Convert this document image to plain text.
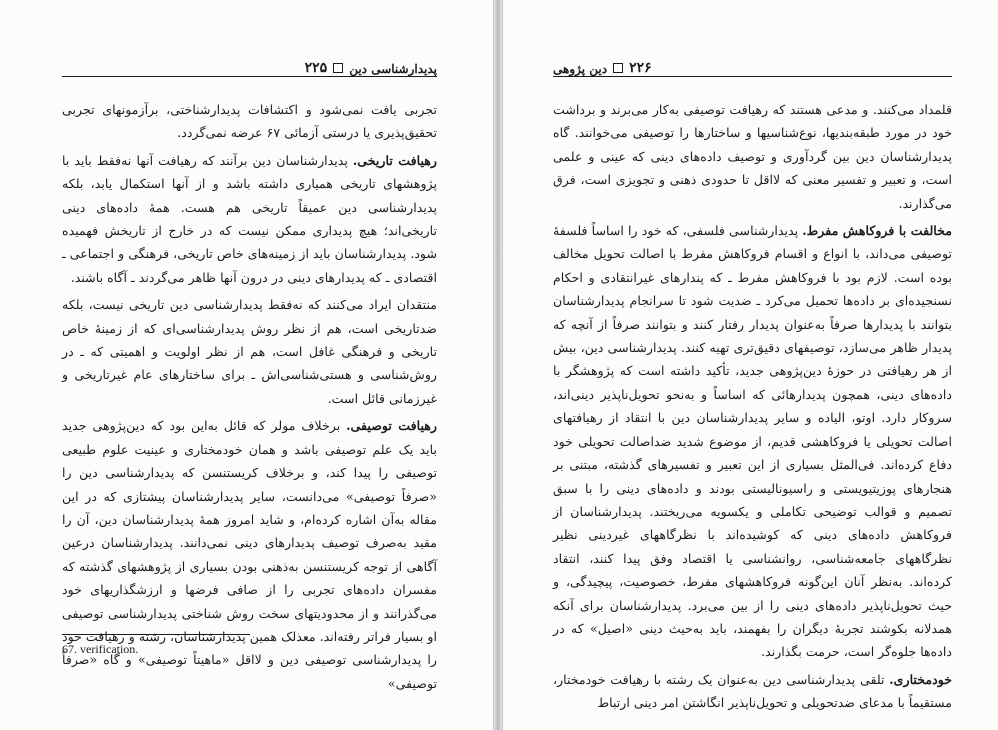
۲۲۵ پدیدارشناسی دین

تجربی یافت نمی‌شود و اکتشافات پدیدارشناختی، برآزمونهای تجربی تحقیق‌پذیری یا درستی آزمائی ۶۷ عرضه نمی‌گردد.

رهیافت تاریخی. پدیدارشناسان دین برآنند که رهیافت آنها نه‌فقط باید با پژوهشهای تاریخی همیاری داشته باشد و از آنها استکمال یابد، بلکه پدیدارشناسی دین عمیقاً تاریخی هم هست. همهٔ داده‌های دینی تاریخی‌اند؛ هیچ پدیداری ممکن نیست که در خارج از تاریخش فهمیده شود. پدیدارشناسان باید از زمینه‌های خاص تاریخی، فرهنگی و اجتماعی ـ اقتصادی ـ که پدیدارهای دینی در درون آنها ظاهر می‌گردند ـ آگاه باشند.

منتقدان ایراد می‌کنند که نه‌فقط پدیدارشناسی دین تاریخی نیست، بلکه ضدتاریخی است، هم از نظر روش پدیدارشناسی‌ای که از زمینهٔ خاص تاریخی و فرهنگی غافل است، هم از نظر اولویت و اهمیتی که ـ در روش‌شناسی و هستی‌شناسی‌اش ـ برای ساختارهای عام غیرتاریخی و غیرزمانی قائل است.

رهیافت توصیفی. برخلاف مولر که قائل به‌این بود که دین‌پژوهی جدید باید یک علم توصیفی باشد و همان خودمختاری و عینیت علوم طبیعی توصیفی را پیدا کند، و برخلاف کریستنسن که پدیدارشناسی دین را «صرفاً توصیفی» می‌دانست، سایر پدیدارشناسان پیشتازی که در این مقاله به‌آن اشاره کرده‌ام، و شاید امروز همهٔ پدیدارشناسان دین، آن را مقید به‌صرف توصیف پدیدارهای دینی نمی‌دانند. پدیدارشناسان درعین آگاهی از توجه کریستنسن به‌ذهنی بودن بسیاری از پژوهشهای گذشته که مفسران داده‌های تجربی را از صافی فرضها و ارزشگذاریهای خود می‌گذرانند و از محدودیتهای سخت روش شناختی پدیدارشناسی توصیفی او بسیار فراتر رفته‌اند. معذلک همین پدیدارشناسان، رشته و رهیافت خود را پدیدارشناسی توصیفی دین و لااقل «ماهیتاً توصیفی» و گاه «صرفاً توصیفی»

67. verification.
دین پژوهی ۲۲۶

قلمداد می‌کنند. و مدعی هستند که رهیافت توصیفی به‌کار می‌برند و برداشت خود در مورد طبقه‌بندیها، نوع‌شناسیها و ساختارها را توصیفی می‌خوانند. گاه پدیدارشناسان دین بین گردآوری و توصیف داده‌های دینی که عینی و علمی است، و تعبیر و تفسیر معنی که لااقل تا حدودی ذهنی و تجویزی است، فرق می‌گذارند.

مخالفت با فروکاهش مفرط. پدیدارشناسی فلسفی، که خود را اساساً فلسفهٔ توصیفی می‌داند، با انواع و اقسام فروکاهش مفرط با اصالت تحویل مخالف بوده است. لازم بود با فروکاهش مفرط ـ که پندارهای غیرانتقادی و احکام نسنجیده‌ای بر داده‌ها تحمیل می‌کرد ـ ضدیت شود تا سرانجام پدیدارشناسان بتوانند با پدیدارها صرفاً به‌عنوان پدیدار رفتار کنند و بتوانند صرفاً از آنچه که پدیدار ظاهر می‌سازد، توصیفهای دقیق‌تری تهیه کنند. پدیدارشناسی دین، بیش از هر رهیافتی در حوزهٔ دین‌پژوهی جدید، تأکید داشته است که پژوهشگر با داده‌های دینی، همچون پدیدارهائی که اساساً و به‌نحو تحویل‌ناپذیر دینی‌اند، سروکار دارد. اوتو، الیاده و سایر پدیدارشناسان دین با انتقاد از رهیافتهای اصالت تحویلی یا فروکاهشی قدیم، از موضوع شدید ضداصالت تحویلی خود دفاع کرده‌اند. فی‌المثل بسیاری از این تعبیر و تفسیرهای گذشته، مبتنی بر هنجارهای پوزیتیویستی و راسیونالیستی بودند و داده‌های دینی را با سبق تصمیم و قوالب توضیحی تکاملی و یکسویه می‌ریختند. پدیدارشناسان از فروکاهش داده‌های دینی که کوشیده‌اند با نظرگاههای غیردینی نظیر نظرگاههای جامعه‌شناسی، روانشناسی یا اقتصاد وفق پیدا کنند، انتقاد کرده‌اند. به‌نظر آنان این‌گونه فروکاهشهای مفرط، خصوصیت، پیچیدگی، و حیث تحویل‌ناپذیر داده‌های دینی را از بین می‌برد. پدیدارشناسان برای آنکه همدلانه بکوشند تجربهٔ دیگران را بفهمند، باید به‌حیث دینی «اصیل» که در داده‌ها جلوه‌گر است، حرمت بگذارند.

خودمختاری. تلقی پدیدارشناسی دین به‌عنوان یک رشته با رهیافت خودمختار، مستقیماً با مدعای ضدتحویلی و تحویل‌ناپذیر انگاشتن امر دینی ارتباط
